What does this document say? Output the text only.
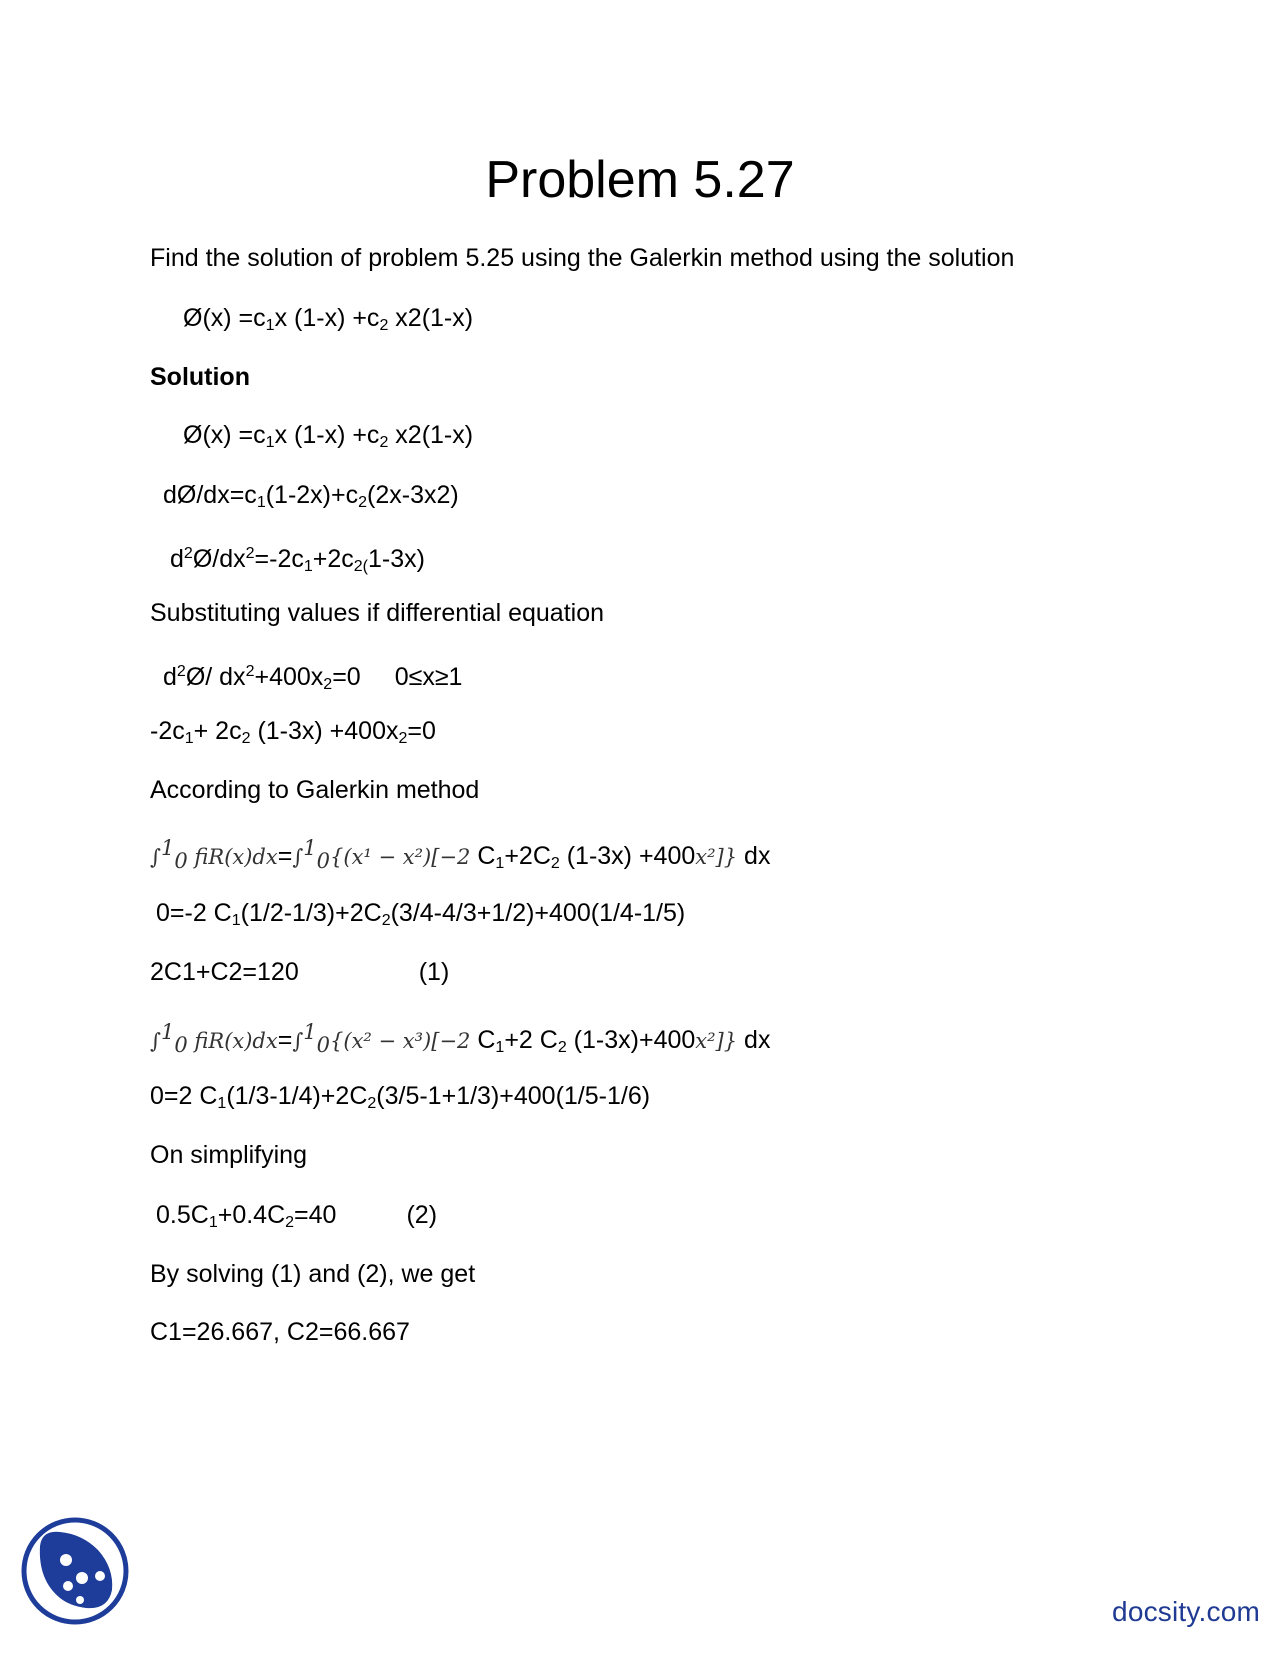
Problem 5.27
Find the solution of problem 5.25 using the Galerkin method using the solution
Ø(x) $=c_1x$ $(1-x) +c_2$ x2(1-x)
Solution
Ø(x) $=c_1x$ $(1-x) +c_2$ x2(1-x)
$dØ/dx=c_1(1-2x)+c_2(2x-3x2)$
$d^2Ø/dx^2=-2c_1+2c_{2(}1-3x$)
Substituting values if differential equation
$d^2Ø/$ $dx^2+400x_2=0$ 0≤x≥1
$-2c_1+ 2c_2$ $(1-3x) +400x_2=0$
According to Galerkin method
∫$^1_0$ fiR(x)dx=∫$^1_0${(x¹ − x²)[−2 $C_1+2C_2$ (1-3x) +400x²]} dx
0=-2 $C_1(1/2-1/3)+2C_2(3/4-4/3+1/2)+400(1/4-1/5)$
2C1+C2=120	(1)
∫$^1_0$ fiR(x)dx=∫$^1_0${(x² − x³)[−2 $C_1+2$ $C_2$ (1-3x)+400x²]} dx
0=2 $C_1(1/3-1/4)+2C_2(3/5-1+1/3)+400(1/5-1/6)$
On simplifying
$0.5C_1+0.4C_2=40$	(2)
By solving (1) and (2), we get
C1=26.667, C2=66.667
docsity.com
